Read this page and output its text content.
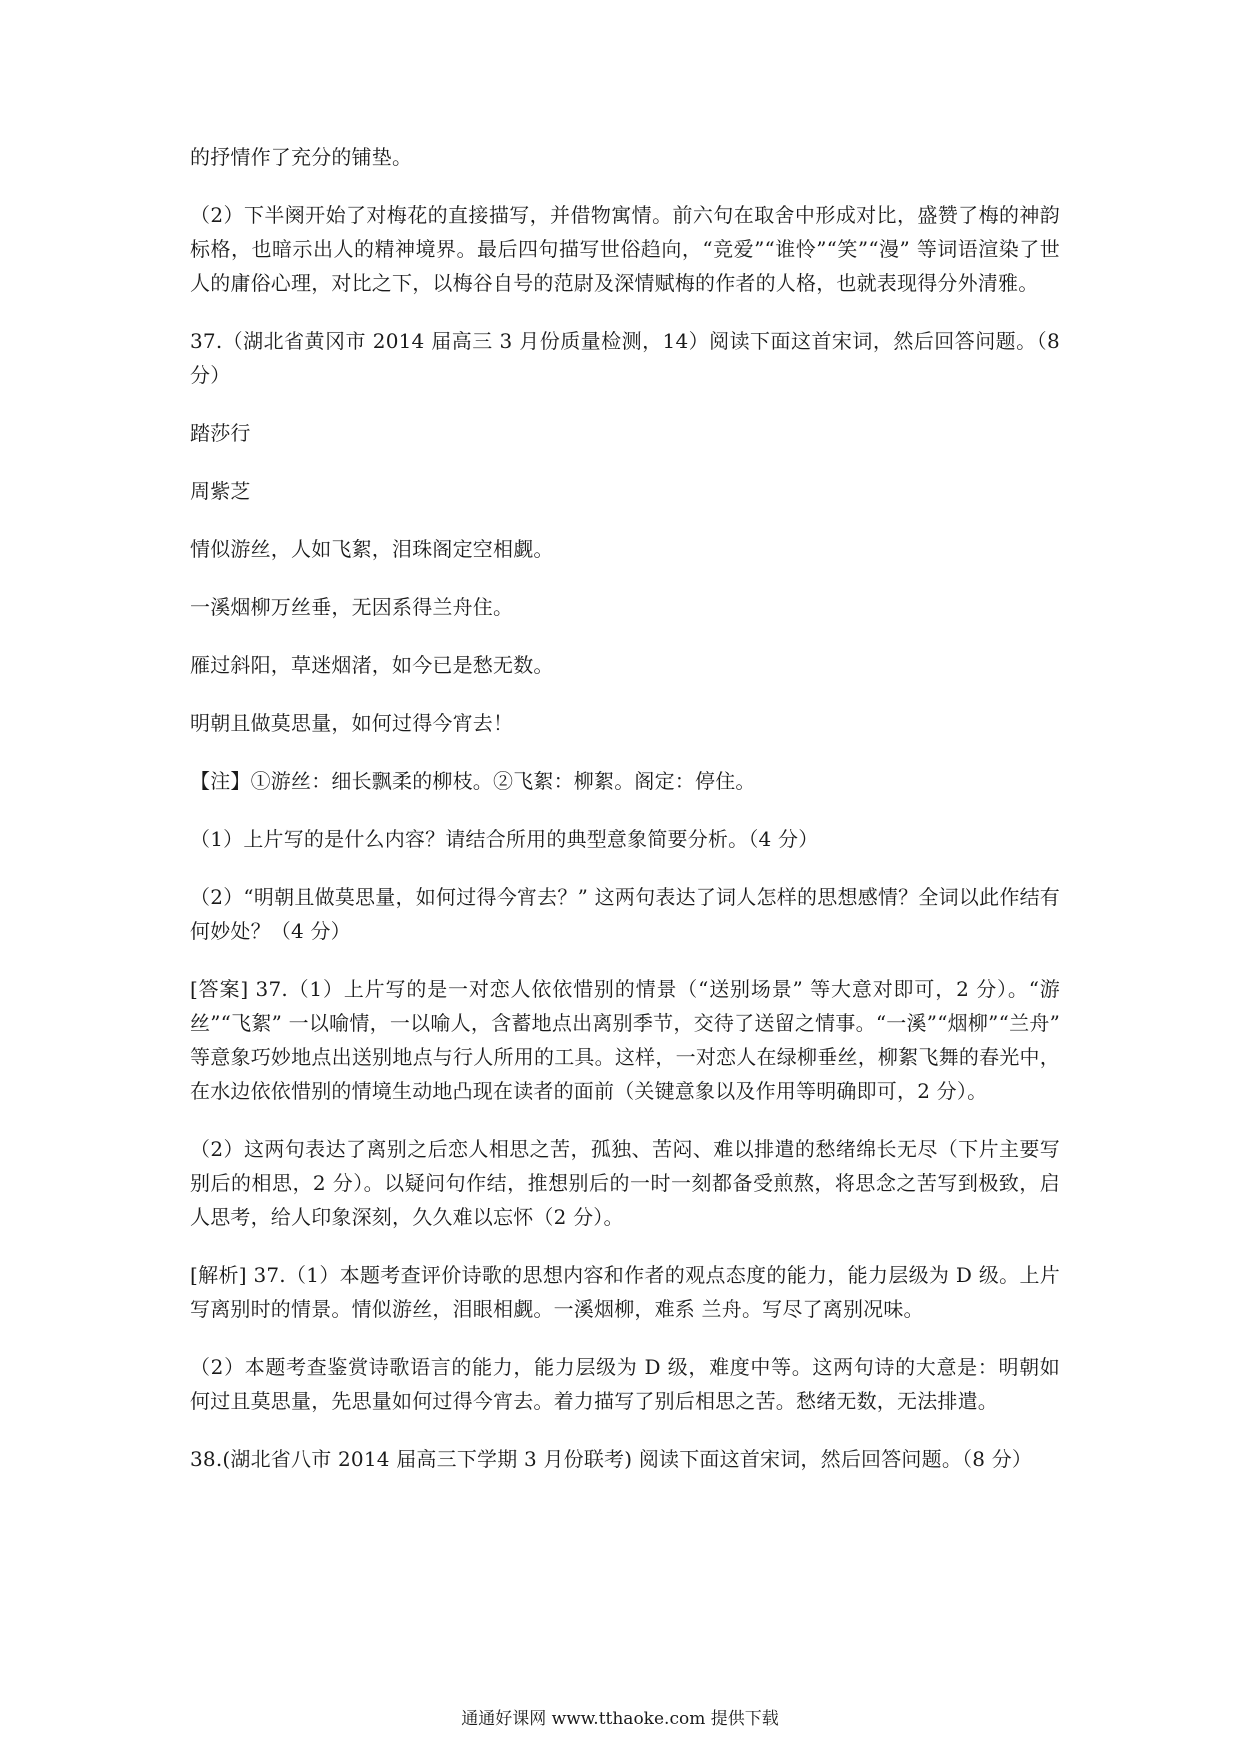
的抒情作了充分的铺垫。

（2）下半阕开始了对梅花的直接描写，并借物寓情。前六句在取舍中形成对比，盛赞了梅的神韵标格，也暗示出人的精神境界。最后四句描写世俗趋向，“竞爱”“谁怜”“笑”“漫” 等词语渲染了世人的庸俗心理，对比之下，以梅谷自号的范尉及深情赋梅的作者的人格，也就表现得分外清雅。

37.（湖北省黄冈市 2014 届高三 3 月份质量检测，14）阅读下面这首宋词，然后回答问题。（8 分）

踏莎行

周紫芝

情似游丝，人如飞絮，泪珠阁定空相觑。

一溪烟柳万丝垂，无因系得兰舟住。

雁过斜阳，草迷烟渚，如今已是愁无数。

明朝且做莫思量，如何过得今宵去！

【注】①游丝：细长飘柔的柳枝。②飞絮：柳絮。阁定：停住。

（1）上片写的是什么内容？请结合所用的典型意象简要分析。（4 分）

（2）“明朝且做莫思量，如何过得今宵去？” 这两句表达了词人怎样的思想感情？全词以此作结有何妙处？（4 分）

[答案] 37.（1）上片写的是一对恋人依依惜别的情景（“送别场景” 等大意对即可，2 分）。“游丝”“飞絮” 一以喻情，一以喻人，含蓄地点出离别季节，交待了送留之情事。“一溪”“烟柳”“兰舟” 等意象巧妙地点出送别地点与行人所用的工具。这样，一对恋人在绿柳垂丝，柳絮飞舞的春光中，在水边依依惜别的情境生动地凸现在读者的面前（关键意象以及作用等明确即可，2 分）。

（2）这两句表达了离别之后恋人相思之苦，孤独、苦闷、难以排遣的愁绪绵长无尽（下片主要写别后的相思，2 分）。以疑问句作结，推想别后的一时一刻都备受煎熬，将思念之苦写到极致，启人思考，给人印象深刻，久久难以忘怀（2 分）。

[解析] 37.（1）本题考查评价诗歌的思想内容和作者的观点态度的能力，能力层级为 D 级。上片写离别时的情景。情似游丝，泪眼相觑。一溪烟柳，难系 兰舟。写尽了离别况味。

（2）本题考查鉴赏诗歌语言的能力，能力层级为 D 级，难度中等。这两句诗的大意是：明朝如何过且莫思量，先思量如何过得今宵去。着力描写了别后相思之苦。愁绪无数，无法排遣。

38.(湖北省八市 2014 届高三下学期 3 月份联考) 阅读下面这首宋词，然后回答问题。（8 分）

通通好课网 www.tthaoke.com 提供下载
